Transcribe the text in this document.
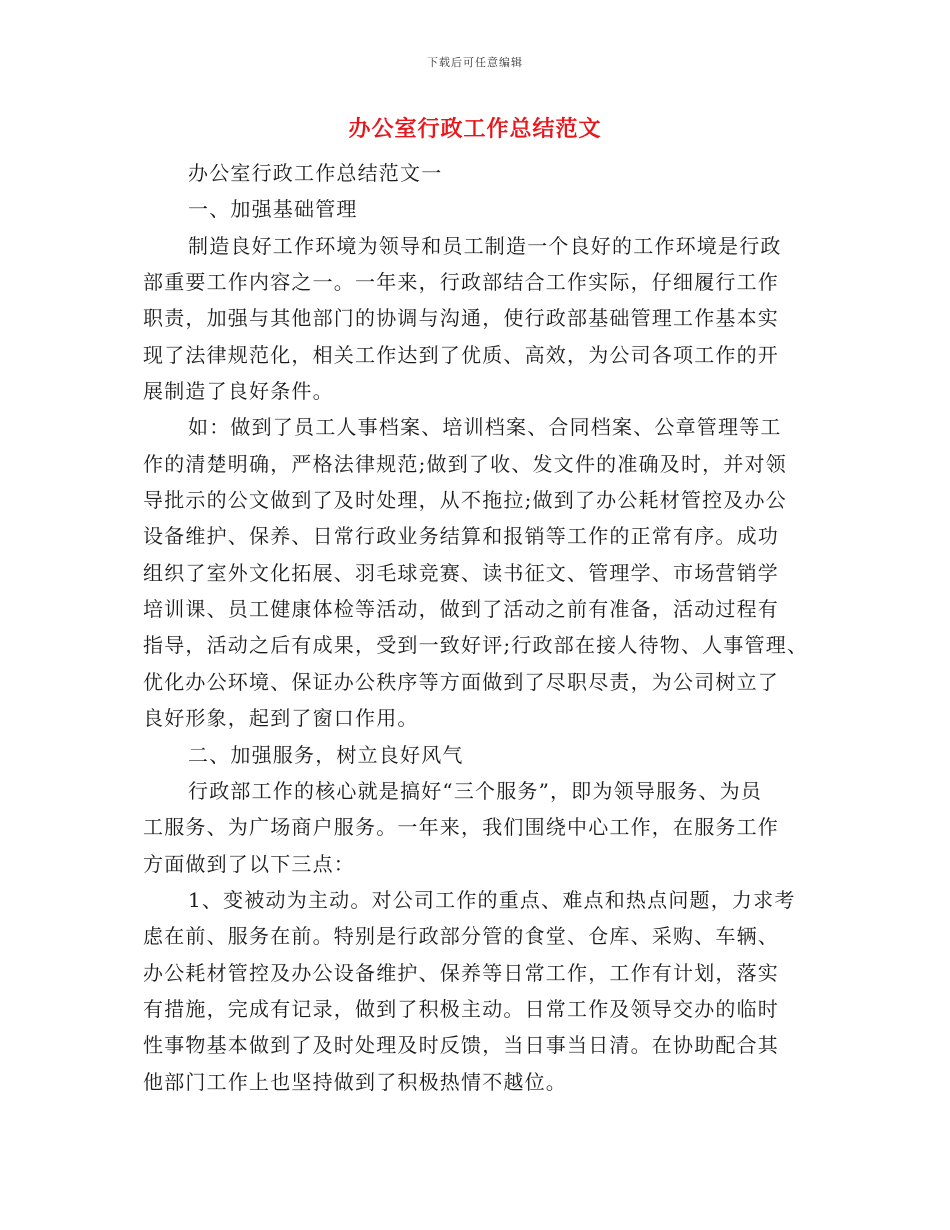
下载后可任意编辑
办公室行政工作总结范文
办公室行政工作总结范文一
一、加强基础管理
制造良好工作环境为领导和员工制造一个良好的工作环境是行政
部重要工作内容之一。一年来，行政部结合工作实际，仔细履行工作
职责，加强与其他部门的协调与沟通，使行政部基础管理工作基本实
现了法律规范化，相关工作达到了优质、高效，为公司各项工作的开
展制造了良好条件。
如：做到了员工人事档案、培训档案、合同档案、公章管理等工
作的清楚明确，严格法律规范;做到了收、发文件的准确及时，并对领
导批示的公文做到了及时处理，从不拖拉;做到了办公耗材管控及办公
设备维护、保养、日常行政业务结算和报销等工作的正常有序。成功
组织了室外文化拓展、羽毛球竞赛、读书征文、管理学、市场营销学
培训课、员工健康体检等活动，做到了活动之前有准备，活动过程有
指导，活动之后有成果，受到一致好评;行政部在接人待物、人事管理、
优化办公环境、保证办公秩序等方面做到了尽职尽责，为公司树立了
良好形象，起到了窗口作用。
二、加强服务，树立良好风气
行政部工作的核心就是搞好“三个服务”，即为领导服务、为员
工服务、为广场商户服务。一年来，我们围绕中心工作，在服务工作
方面做到了以下三点：
1、变被动为主动。对公司工作的重点、难点和热点问题，力求考
虑在前、服务在前。特别是行政部分管的食堂、仓库、采购、车辆、
办公耗材管控及办公设备维护、保养等日常工作，工作有计划，落实
有措施，完成有记录，做到了积极主动。日常工作及领导交办的临时
性事物基本做到了及时处理及时反馈，当日事当日清。在协助配合其
他部门工作上也坚持做到了积极热情不越位。
